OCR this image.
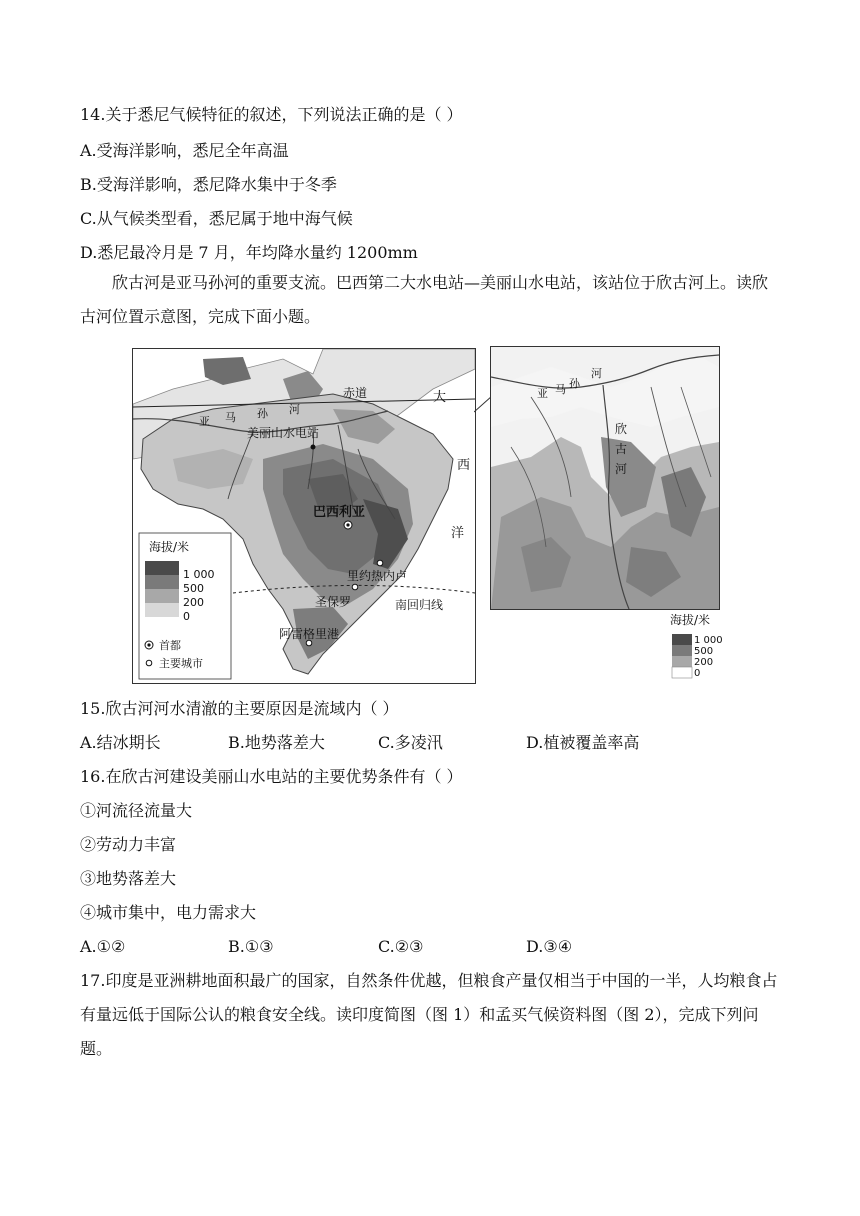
14.关于悉尼气候特征的叙述，下列说法正确的是（ ）
A.受海洋影响，悉尼全年高温
B.受海洋影响，悉尼降水集中于冬季
C.从气候类型看，悉尼属于地中海气候
D.悉尼最冷月是 7 月，年均降水量约 1200mm
欣古河是亚马孙河的重要支流。巴西第二大水电站—美丽山水电站，该站位于欣古河上。读欣古河位置示意图，完成下面小题。
赤道
南回归线
亚 马 孙 河
大
西
洋
美丽山水电站
巴西利亚
里约热内卢
圣保罗
阿雷格里港
海拔/米
1 000
500
200
0
首都
主要城市
亚 马 孙
河
欣
古
河
海拔/米
1 000
500
200
0
15.欣古河河水清澈的主要原因是流域内（ ）
A.结冰期长	B.地势落差大	C.多凌汛	D.植被覆盖率高
16.在欣古河建设美丽山水电站的主要优势条件有（ ）
①河流径流量大
②劳动力丰富
③地势落差大
④城市集中，电力需求大
A.①②	B.①③	C.②③	D.③④
17.印度是亚洲耕地面积最广的国家，自然条件优越，但粮食产量仅相当于中国的一半，人均粮食占有量远低于国际公认的粮食安全线。读印度简图（图 1）和孟买气候资料图（图 2），完成下列问题。
